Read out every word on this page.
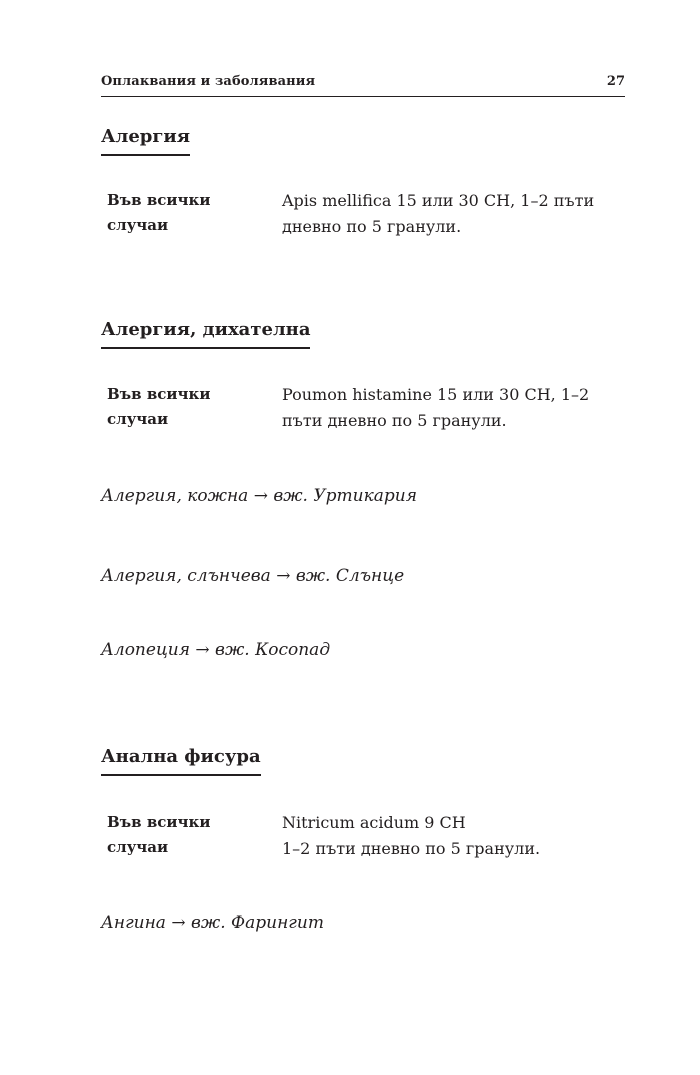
Оплаквания и заболявания	27
Алергия
Във всички
случаи
Apis mellifica 15 или 30 СН, 1–2 пъти
дневно по 5 гранули.
Алергия, дихателна
Във всички
случаи
Poumon histamine 15 или 30 СН, 1–2
пъти дневно по 5 гранули.
Алергия, кожна → вж. Уртикария
Алергия, слънчева → вж. Слънце
Алопеция → вж. Косопад
Анална фисура
Във всички
случаи
Nitricum acidum 9 CH
1–2 пъти дневно по 5 гранули.
Ангина → вж. Фарингит
